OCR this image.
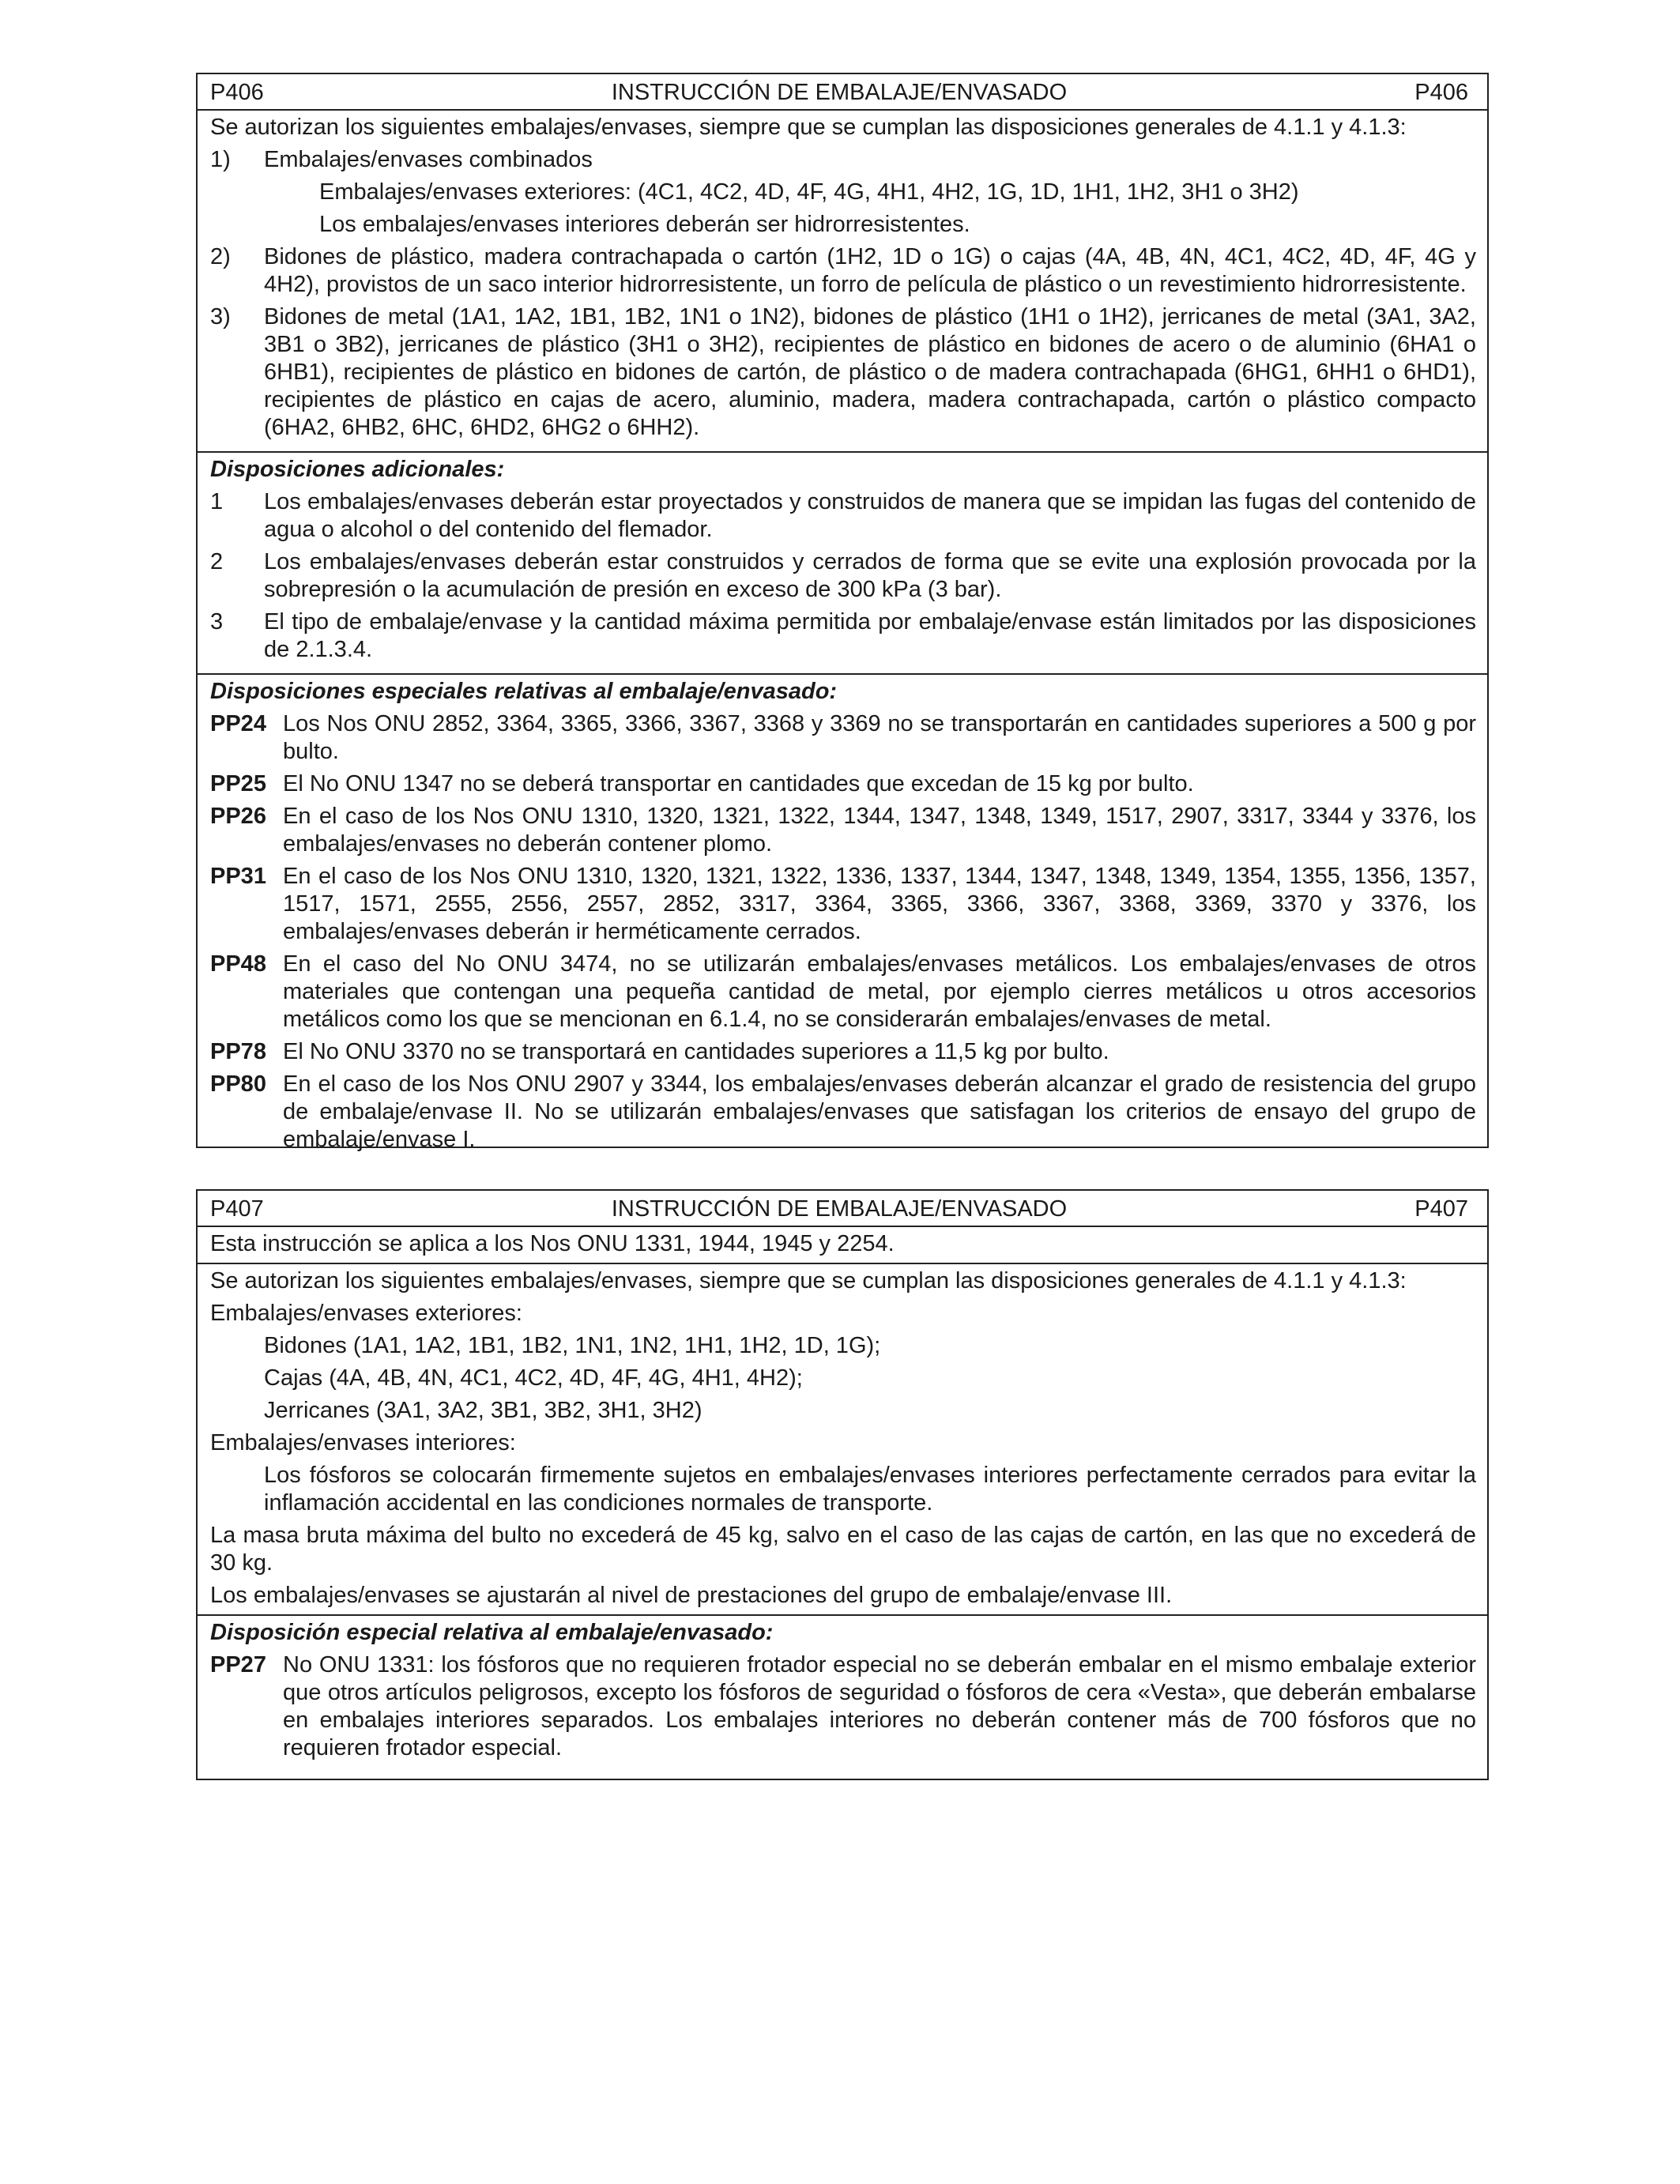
P406	INSTRUCCIÓN DE EMBALAJE/ENVASADO	P406
Se autorizan los siguientes embalajes/envases, siempre que se cumplan las disposiciones generales de 4.1.1 y 4.1.3:
1)	Embalajes/envases combinados
Embalajes/envases exteriores: (4C1, 4C2, 4D, 4F, 4G, 4H1, 4H2, 1G, 1D, 1H1, 1H2, 3H1 o 3H2)
Los embalajes/envases interiores deberán ser hidrorresistentes.
2)	Bidones de plástico, madera contrachapada o cartón (1H2, 1D o 1G) o cajas (4A, 4B, 4N, 4C1, 4C2, 4D, 4F, 4G y 4H2), provistos de un saco interior hidrorresistente, un forro de película de plástico o un revestimiento hidrorresistente.
3)	Bidones de metal (1A1, 1A2, 1B1, 1B2, 1N1 o 1N2), bidones de plástico (1H1 o 1H2), jerricanes de metal (3A1, 3A2, 3B1 o 3B2), jerricanes de plástico (3H1 o 3H2), recipientes de plástico en bidones de acero o de aluminio (6HA1 o 6HB1), recipientes de plástico en bidones de cartón, de plástico o de madera contrachapada (6HG1, 6HH1 o 6HD1), recipientes de plástico en cajas de acero, aluminio, madera, madera contrachapada, cartón o plástico compacto (6HA2, 6HB2, 6HC, 6HD2, 6HG2 o 6HH2).
Disposiciones adicionales:
1	Los embalajes/envases deberán estar proyectados y construidos de manera que se impidan las fugas del contenido de agua o alcohol o del contenido del flemador.
2	Los embalajes/envases deberán estar construidos y cerrados de forma que se evite una explosión provocada por la sobrepresión o la acumulación de presión en exceso de 300 kPa (3 bar).
3	El tipo de embalaje/envase y la cantidad máxima permitida por embalaje/envase están limitados por las disposiciones de 2.1.3.4.
Disposiciones especiales relativas al embalaje/envasado:
PP24 Los Nos ONU 2852, 3364, 3365, 3366, 3367, 3368 y 3369 no se transportarán en cantidades superiores a 500 g por bulto.
PP25 El No ONU 1347 no se deberá transportar en cantidades que excedan de 15 kg por bulto.
PP26 En el caso de los Nos ONU 1310, 1320, 1321, 1322, 1344, 1347, 1348, 1349, 1517, 2907, 3317, 3344 y 3376, los embalajes/envases no deberán contener plomo.
PP31 En el caso de los Nos ONU 1310, 1320, 1321, 1322, 1336, 1337, 1344, 1347, 1348, 1349, 1354, 1355, 1356, 1357, 1517, 1571, 2555, 2556, 2557, 2852, 3317, 3364, 3365, 3366, 3367, 3368, 3369, 3370 y 3376, los embalajes/envases deberán ir herméticamente cerrados.
PP48 En el caso del No ONU 3474, no se utilizarán embalajes/envases metálicos. Los embalajes/envases de otros materiales que contengan una pequeña cantidad de metal, por ejemplo cierres metálicos u otros accesorios metálicos como los que se mencionan en 6.1.4, no se considerarán embalajes/envases de metal.
PP78 El No ONU 3370 no se transportará en cantidades superiores a 11,5 kg por bulto.
PP80 En el caso de los Nos ONU 2907 y 3344, los embalajes/envases deberán alcanzar el grado de resistencia del grupo de embalaje/envase II. No se utilizarán embalajes/envases que satisfagan los criterios de ensayo del grupo de embalaje/envase I.
P407	INSTRUCCIÓN DE EMBALAJE/ENVASADO	P407
Esta instrucción se aplica a los Nos ONU 1331, 1944, 1945 y 2254.
Se autorizan los siguientes embalajes/envases, siempre que se cumplan las disposiciones generales de 4.1.1 y 4.1.3:
Embalajes/envases exteriores:
Bidones (1A1, 1A2, 1B1, 1B2, 1N1, 1N2, 1H1, 1H2, 1D, 1G);
Cajas (4A, 4B, 4N, 4C1, 4C2, 4D, 4F, 4G, 4H1, 4H2);
Jerricanes (3A1, 3A2, 3B1, 3B2, 3H1, 3H2)
Embalajes/envases interiores:
Los fósforos se colocarán firmemente sujetos en embalajes/envases interiores perfectamente cerrados para evitar la inflamación accidental en las condiciones normales de transporte.
La masa bruta máxima del bulto no excederá de 45 kg, salvo en el caso de las cajas de cartón, en las que no excederá de 30 kg.
Los embalajes/envases se ajustarán al nivel de prestaciones del grupo de embalaje/envase III.
Disposición especial relativa al embalaje/envasado:
PP27 No ONU 1331: los fósforos que no requieren frotador especial no se deberán embalar en el mismo embalaje exterior que otros artículos peligrosos, excepto los fósforos de seguridad o fósforos de cera «Vesta», que deberán embalarse en embalajes interiores separados. Los embalajes interiores no deberán contener más de 700 fósforos que no requieren frotador especial.
